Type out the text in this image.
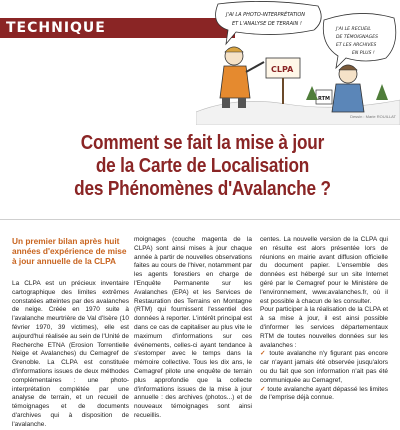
TECHNIQUE
J'AI LA PHOTO-INTERPRÉTATION
ET L'ANALYSE DE TERRAIN !
J'AI LE RECUEIL
DE TÉMOIGNAGES
ET LES ARCHIVES
EN PLUS !
CLPA
RTM
Dessin : Marie ROUILLAT
Comment se fait la mise à jour
de la Carte de Localisation
des Phénomènes d'Avalanche ?
Un premier bilan après huit
années d'expérience de mise
à jour annuelle de la CLPA

La CLPA est un précieux inventaire cartographique des limites extrêmes constatées atteintes par des avalanches de neige. Créée en 1970 suite à l'avalanche meurtrière de Val d'Isère (10 février 1970, 39 victimes), elle est aujourd'hui réalisée au sein de l'Unité de Recherche ETNA (Erosion Torrentielle Neige et Avalanches) du Cemagref de Grenoble. La CLPA est constituée d'informations issues de deux méthodes complémentaires : une photo-interprétation complétée par une analyse de terrain, et un recueil de témoignages et de documents d'archives qui à disposition de l'avalanche.

moignages (couche magenta de la CLPA) sont ainsi mises à jour chaque année à partir de nouvelles observations faites au cours de l'hiver, notamment par les agents forestiers en charge de l'Enquête Permanente sur les Avalanches (EPA) et les Services de Restauration des Terrains en Montagne (RTM) qui fournissent l'essentiel des données à reporter. L'intérêt principal est dans ce cas de capitaliser au plus vite le maximum d'informations sur ces événements, celles-ci ayant tendance à s'estomper avec le temps dans la mémoire collective. Tous les dix ans, le Cemagref pilote une enquête de terrain plus approfondie que la collecte d'informations issues de la mise à jour annuelle : des archives (photos...) et de nouveaux témoignages sont ainsi recueillis.

centes. La nouvelle version de la CLPA qui en résulte est alors présentée lors de réunions en mairie avant diffusion officielle du document papier. L'ensemble des données est hébergé sur un site Internet géré par le Cemagref pour le Ministère de l'environnement, www.avalanches.fr, où il est possible à chacun de les consulter.

Pour participer à la réalisation de la CLPA et à sa mise à jour, il est ainsi possible d'informer les services départementaux RTM de toutes nouvelles données sur les avalanches :

✓ toute avalanche n'y figurant pas encore car n'ayant jamais été observée jusqu'alors ou du fait que son information n'ait pas été communiquée au Cemagref,

✓ toute avalanche ayant dépassé les limites de l'emprise déjà connue.
